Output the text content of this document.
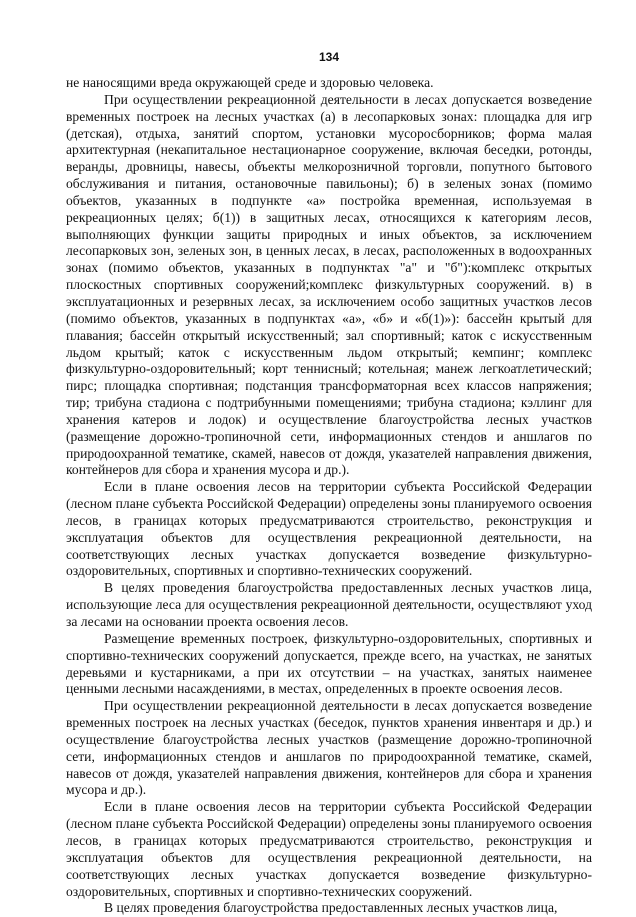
134

не наносящими вреда окружающей среде и здоровью человека.

При осуществлении рекреационной деятельности в лесах допускается возведение временных построек на лесных участках (а) в лесопарковых зонах: площадка для игр (детская), отдыха, занятий спортом, установки мусоросборников; форма малая архитектурная (некапитальное нестационарное сооружение, включая беседки, ротонды, веранды, дровницы, навесы, объекты мелкорозничной торговли, попутного бытового обслуживания и питания, остановочные павильоны); б) в зеленых зонах (помимо объектов, указанных в подпункте «а» постройка временная, используемая в рекреационных целях; б(1)) в защитных лесах, относящихся к категориям лесов, выполняющих функции защиты природных и иных объектов, за исключением лесопарковых зон, зеленых зон, в ценных лесах, в лесах, расположенных в водоохранных зонах (помимо объектов, указанных в подпунктах "а" и "б"):комплекс открытых плоскостных спортивных сооружений;комплекс физкультурных сооружений. в) в эксплуатационных и резервных лесах, за исключением особо защитных участков лесов (помимо объектов, указанных в подпунктах «а», «б» и «б(1)»): бассейн крытый для плавания; бассейн открытый искусственный; зал спортивный; каток с искусственным льдом крытый; каток с искусственным льдом открытый; кемпинг; комплекс физкультурно-оздоровительный; корт теннисный; котельная; манеж легкоатлетический; пирс; площадка спортивная; подстанция трансформаторная всех классов напряжения; тир; трибуна стадиона с подтрибунными помещениями; трибуна стадиона; кэллинг для хранения катеров и лодок) и осуществление благоустройства лесных участков (размещение дорожно-тропиночной сети, информационных стендов и аншлагов по природоохранной тематике, скамей, навесов от дождя, указателей направления движения, контейнеров для сбора и хранения мусора и др.).

Если в плане освоения лесов на территории субъекта Российской Федерации (лесном плане субъекта Российской Федерации) определены зоны планируемого освоения лесов, в границах которых предусматриваются строительство, реконструкция и эксплуатация объектов для осуществления рекреационной деятельности, на соответствующих лесных участках допускается возведение физкультурно-оздоровительных, спортивных и спортивно-технических сооружений.

В целях проведения благоустройства предоставленных лесных участков лица, использующие леса для осуществления рекреационной деятельности, осуществляют уход за лесами на основании проекта освоения лесов.

Размещение временных построек, физкультурно-оздоровительных, спортивных и спортивно-технических сооружений допускается, прежде всего, на участках, не занятых деревьями и кустарниками, а при их отсутствии – на участках, занятых наименее ценными лесными насаждениями, в местах, определенных в проекте освоения лесов.

При осуществлении рекреационной деятельности в лесах допускается возведение временных построек на лесных участках (беседок, пунктов хранения инвентаря и др.) и осуществление благоустройства лесных участков (размещение дорожно-тропиночной сети, информационных стендов и аншлагов по природоохранной тематике, скамей, навесов от дождя, указателей направления движения, контейнеров для сбора и хранения мусора и др.).

Если в плане освоения лесов на территории субъекта Российской Федерации (лесном плане субъекта Российской Федерации) определены зоны планируемого освоения лесов, в границах которых предусматриваются строительство, реконструкция и эксплуатация объектов для осуществления рекреационной деятельности, на соответствующих лесных участках допускается возведение физкультурно-оздоровительных, спортивных и спортивно-технических сооружений.

В целях проведения благоустройства предоставленных лесных участков лица,
